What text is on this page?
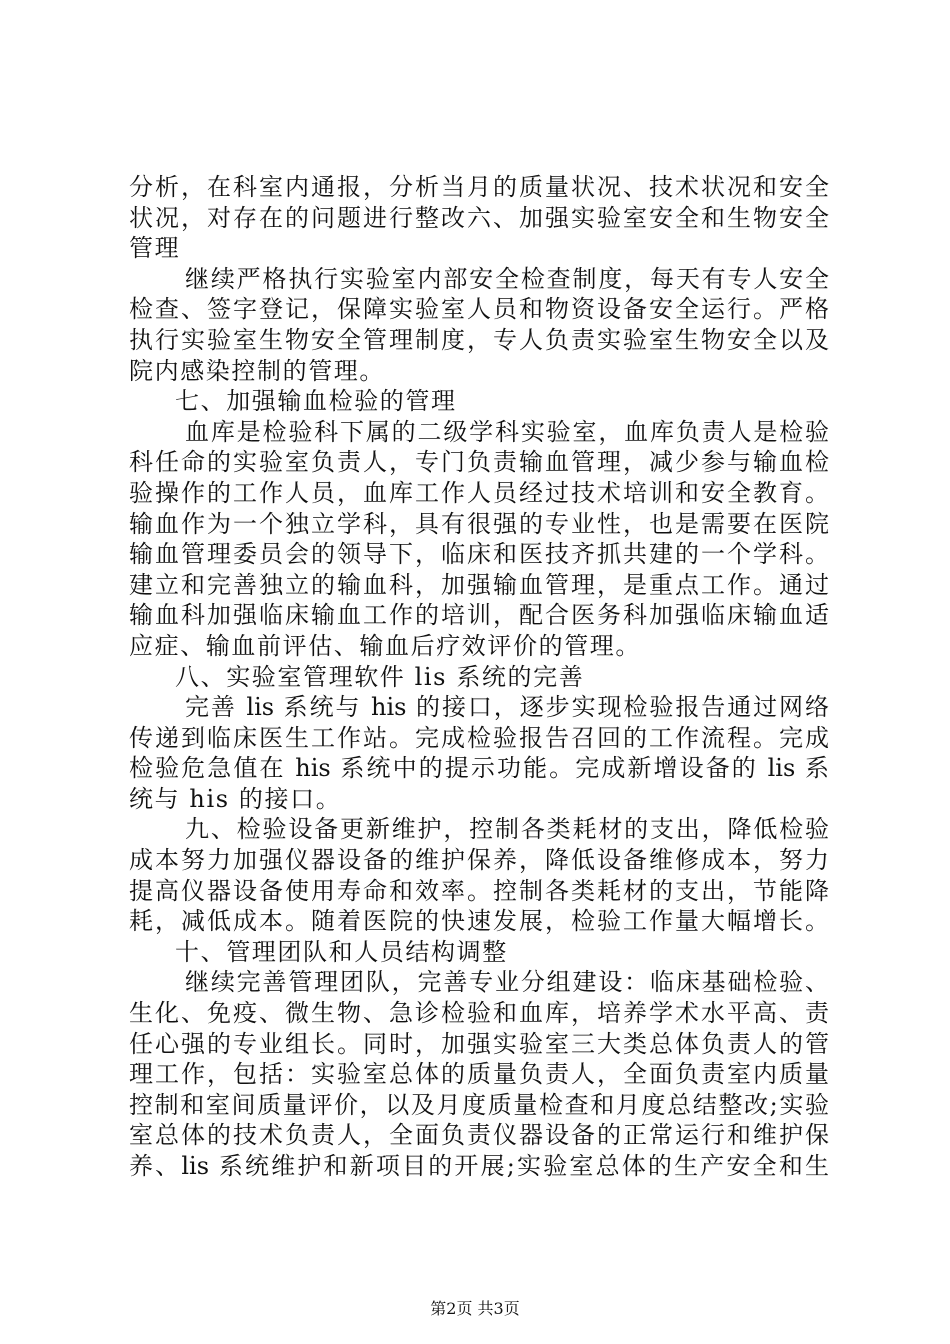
分析，在科室内通报，分析当月的质量状况、技术状况和安全
状况，对存在的问题进行整改六、加强实验室安全和生物安全
管理
继续严格执行实验室内部安全检查制度，每天有专人安全
检查、签字登记，保障实验室人员和物资设备安全运行。严格
执行实验室生物安全管理制度，专人负责实验室生物安全以及
院内感染控制的管理。
七、加强输血检验的管理
血库是检验科下属的二级学科实验室，血库负责人是检验
科任命的实验室负责人，专门负责输血管理，减少参与输血检
验操作的工作人员，血库工作人员经过技术培训和安全教育。
输血作为一个独立学科，具有很强的专业性，也是需要在医院
输血管理委员会的领导下，临床和医技齐抓共建的一个学科。
建立和完善独立的输血科，加强输血管理，是重点工作。通过
输血科加强临床输血工作的培训，配合医务科加强临床输血适
应症、输血前评估、输血后疗效评价的管理。
八、实验室管理软件 lis 系统的完善
完善 lis 系统与 his 的接口，逐步实现检验报告通过网络
传递到临床医生工作站。完成检验报告召回的工作流程。完成
检验危急值在 his 系统中的提示功能。完成新增设备的 lis 系
统与 his 的接口。
九、检验设备更新维护，控制各类耗材的支出，降低检验
成本努力加强仪器设备的维护保养，降低设备维修成本，努力
提高仪器设备使用寿命和效率。控制各类耗材的支出，节能降
耗，减低成本。随着医院的快速发展，检验工作量大幅增长。
十、管理团队和人员结构调整
继续完善管理团队，完善专业分组建设：临床基础检验、
生化、免疫、微生物、急诊检验和血库，培养学术水平高、责
任心强的专业组长。同时，加强实验室三大类总体负责人的管
理工作，包括：实验室总体的质量负责人，全面负责室内质量
控制和室间质量评价，以及月度质量检查和月度总结整改;实验
室总体的技术负责人，全面负责仪器设备的正常运行和维护保
养、lis 系统维护和新项目的开展;实验室总体的生产安全和生
第2页 共3页
